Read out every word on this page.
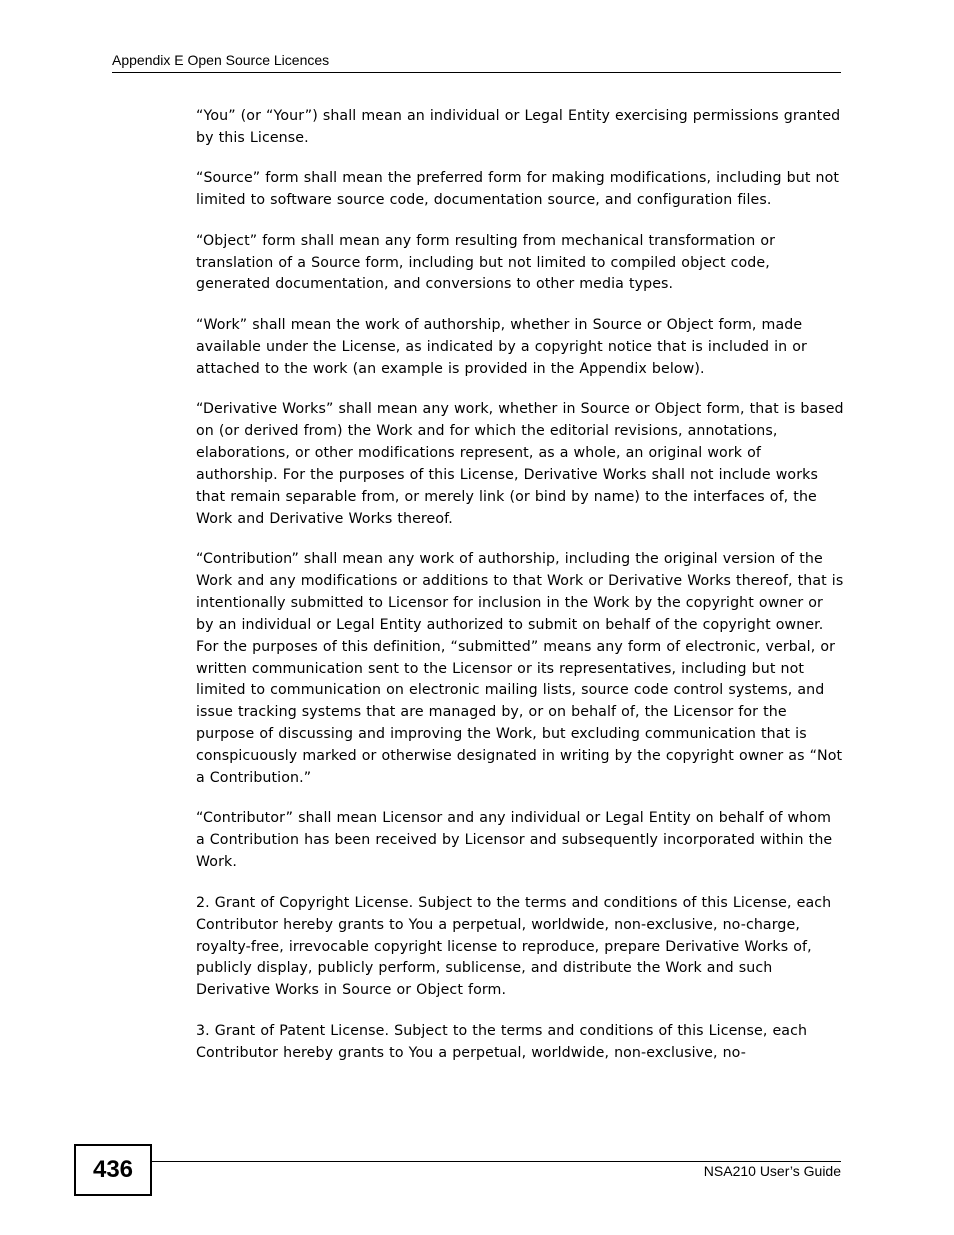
Appendix E Open Source Licences

“You” (or “Your”) shall mean an individual or Legal Entity exercising permissions granted by this License.

“Source” form shall mean the preferred form for making modifications, including but not limited to software source code, documentation source, and configuration files.

“Object” form shall mean any form resulting from mechanical transformation or translation of a Source form, including but not limited to compiled object code, generated documentation, and conversions to other media types.

“Work” shall mean the work of authorship, whether in Source or Object form, made available under the License, as indicated by a copyright notice that is included in or attached to the work (an example is provided in the Appendix below).

“Derivative Works” shall mean any work, whether in Source or Object form, that is based on (or derived from) the Work and for which the editorial revisions, annotations, elaborations, or other modifications represent, as a whole, an original work of authorship. For the purposes of this License, Derivative Works shall not include works that remain separable from, or merely link (or bind by name) to the interfaces of, the Work and Derivative Works thereof.

“Contribution” shall mean any work of authorship, including the original version of the Work and any modifications or additions to that Work or Derivative Works thereof, that is intentionally submitted to Licensor for inclusion in the Work by the copyright owner or by an individual or Legal Entity authorized to submit on behalf of the copyright owner. For the purposes of this definition, “submitted” means any form of electronic, verbal, or written communication sent to the Licensor or its representatives, including but not limited to communication on electronic mailing lists, source code control systems, and issue tracking systems that are managed by, or on behalf of, the Licensor for the purpose of discussing and improving the Work, but excluding communication that is conspicuously marked or otherwise designated in writing by the copyright owner as “Not a Contribution.”

“Contributor” shall mean Licensor and any individual or Legal Entity on behalf of whom a Contribution has been received by Licensor and subsequently incorporated within the Work.

2. Grant of Copyright License. Subject to the terms and conditions of this License, each Contributor hereby grants to You a perpetual, worldwide, non-exclusive, no-charge, royalty-free, irrevocable copyright license to reproduce, prepare Derivative Works of, publicly display, publicly perform, sublicense, and distribute the Work and such Derivative Works in Source or Object form.

3. Grant of Patent License. Subject to the terms and conditions of this License, each Contributor hereby grants to You a perpetual, worldwide, non-exclusive, no-

436	NSA210 User’s Guide
